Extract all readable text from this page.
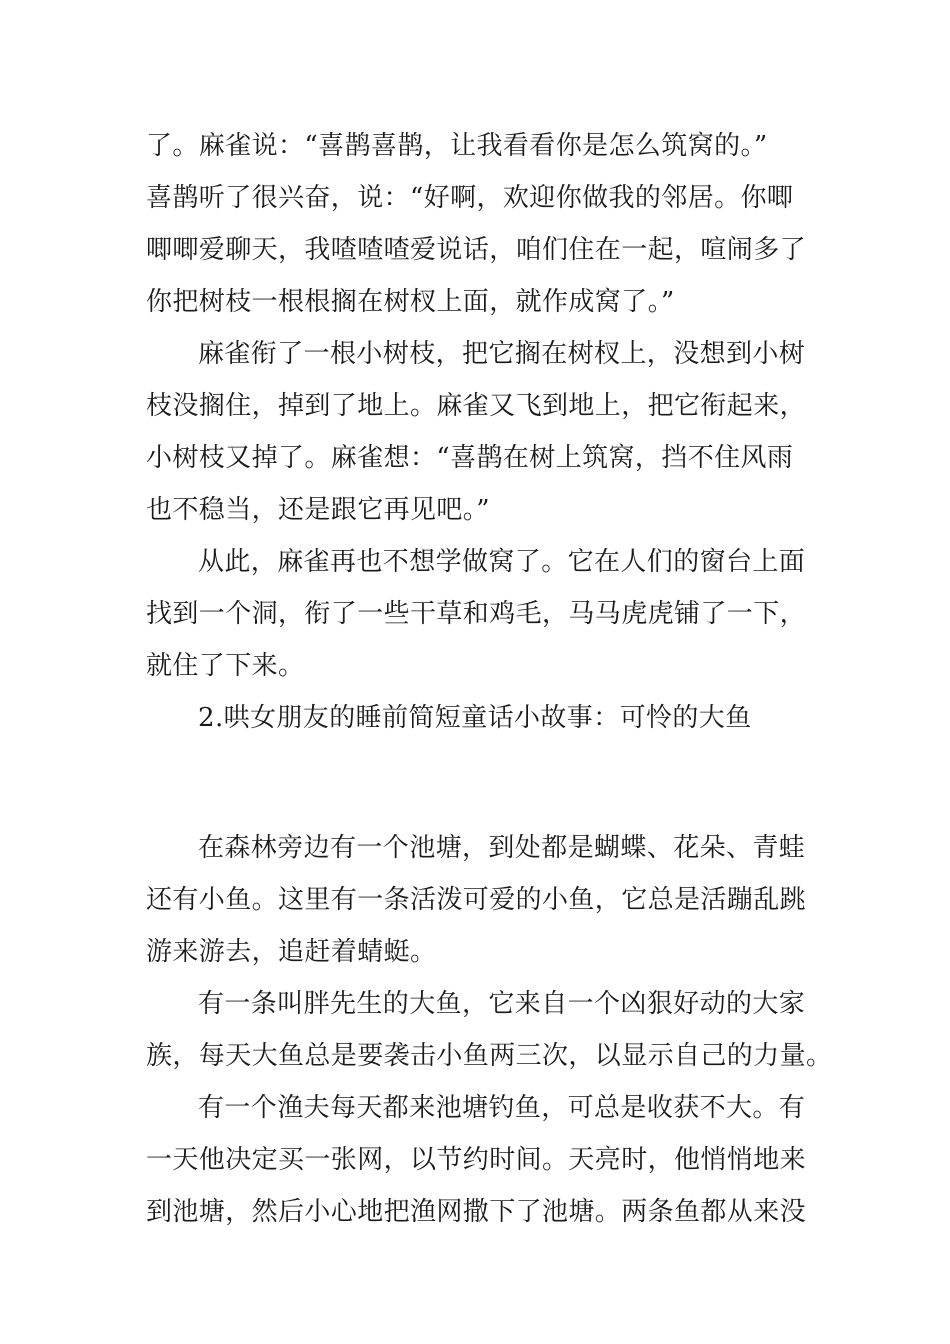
了。麻雀说：“喜鹊喜鹊，让我看看你是怎么筑窝的。”
喜鹊听了很兴奋，说：“好啊，欢迎你做我的邻居。你唧
唧唧爱聊天，我喳喳喳爱说话，咱们住在一起，喧闹多了
你把树枝一根根搁在树杈上面，就作成窝了。”
麻雀衔了一根小树枝，把它搁在树杈上，没想到小树
枝没搁住，掉到了地上。麻雀又飞到地上，把它衔起来，
小树枝又掉了。麻雀想：“喜鹊在树上筑窝，挡不住风雨
也不稳当，还是跟它再见吧。”
从此，麻雀再也不想学做窝了。它在人们的窗台上面
找到一个洞，衔了一些干草和鸡毛，马马虎虎铺了一下，
就住了下来。
2.哄女朋友的睡前简短童话小故事：可怜的大鱼
在森林旁边有一个池塘，到处都是蝴蝶、花朵、青蛙
还有小鱼。这里有一条活泼可爱的小鱼，它总是活蹦乱跳
游来游去，追赶着蜻蜓。
有一条叫胖先生的大鱼，它来自一个凶狠好动的大家
族，每天大鱼总是要袭击小鱼两三次，以显示自己的力量。
有一个渔夫每天都来池塘钓鱼，可总是收获不大。有
一天他决定买一张网，以节约时间。天亮时，他悄悄地来
到池塘，然后小心地把渔网撒下了池塘。两条鱼都从来没
